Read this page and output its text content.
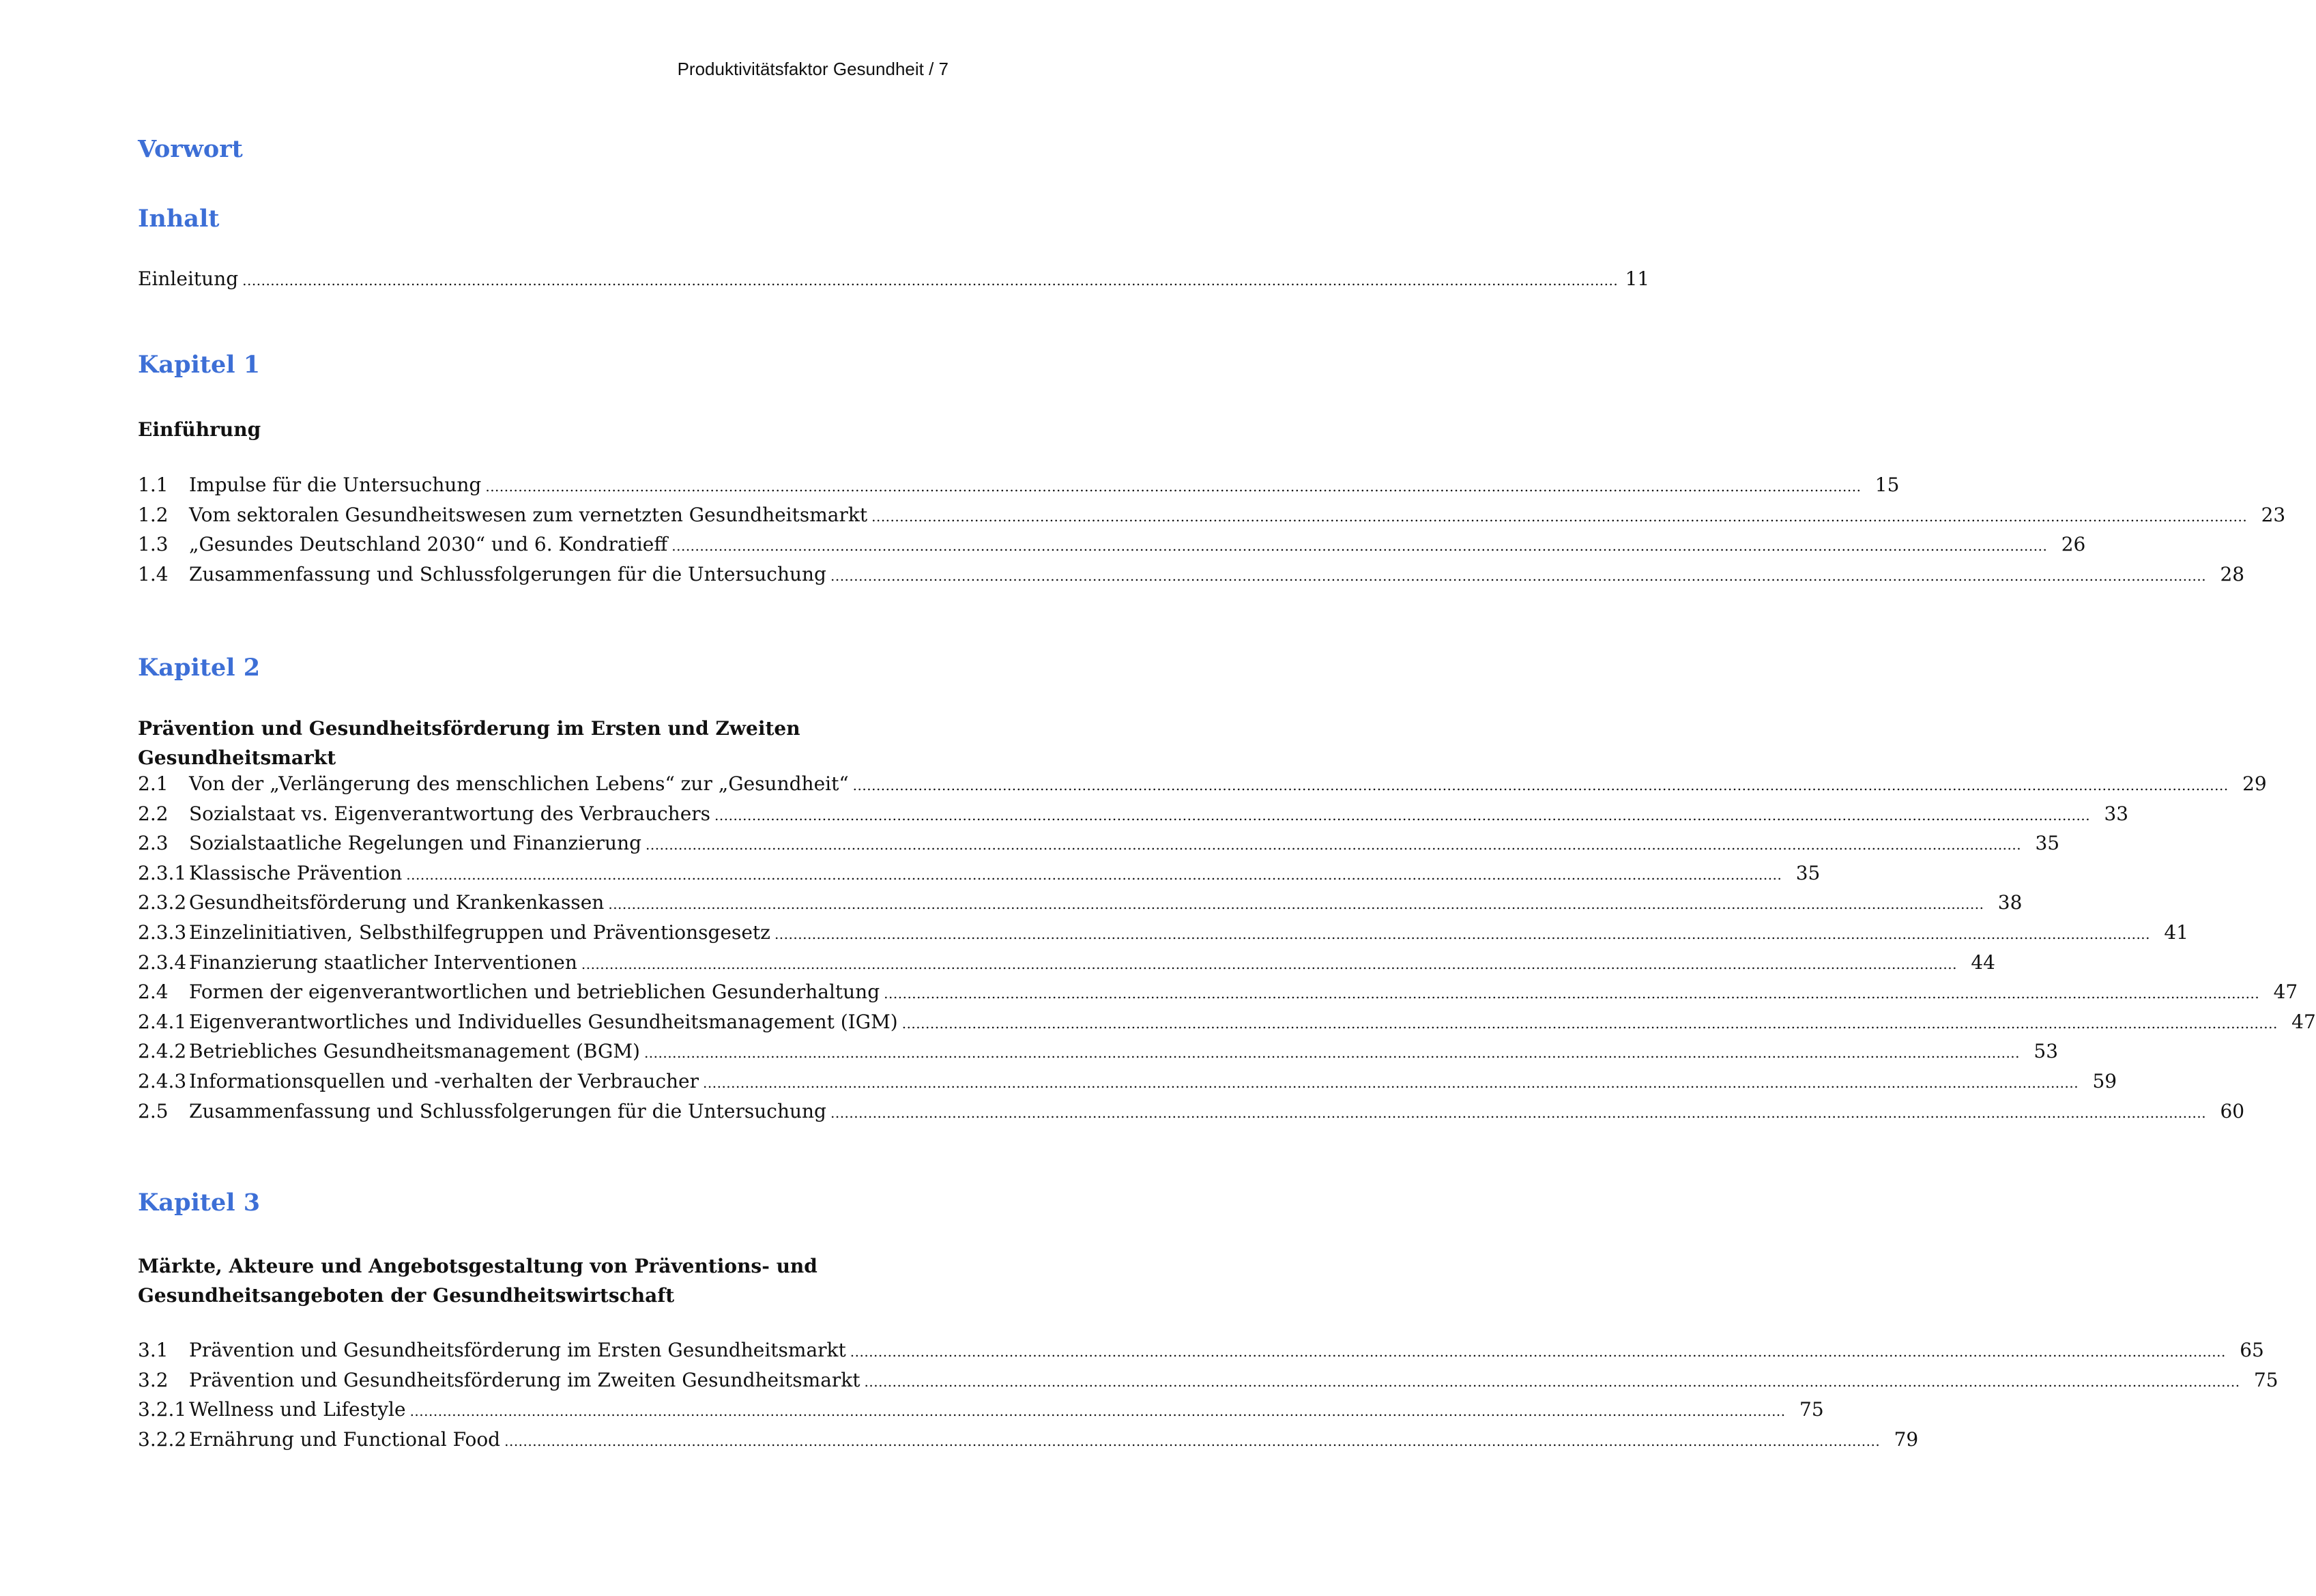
Produktivitätsfaktor Gesundheit / 7
Vorwort
Inhalt
Einleitung .....	11
Kapitel 1
Einführung
1.1	Impulse für die Untersuchung .....	15
1.2	Vom sektoralen Gesundheitswesen zum vernetzten Gesundheitsmarkt .....	23
1.3	„Gesundes Deutschland 2030“ und 6. Kondratieff .....	26
1.4	Zusammenfassung und Schlussfolgerungen für die Untersuchung .....	28
Kapitel 2
Prävention und Gesundheitsförderung im Ersten und Zweiten Gesundheitsmarkt
2.1	Von der „Verlängerung des menschlichen Lebens“ zur „Gesundheit“ .....	29
2.2	Sozialstaat vs. Eigenverantwortung des Verbrauchers .....	33
2.3	Sozialstaatliche Regelungen und Finanzierung .....	35
2.3.1 Klassische Prävention .....	35
2.3.2 Gesundheitsförderung und Krankenkassen .....	38
2.3.3 Einzelinitiativen, Selbsthilfegruppen und Präventionsgesetz .....	41
2.3.4 Finanzierung staatlicher Interventionen .....	44
2.4	Formen der eigenverantwortlichen und betrieblichen Gesunderhaltung .....	47
2.4.1 Eigenverantwortliches und Individuelles Gesundheitsmanagement (IGM) .....	47
2.4.2 Betriebliches Gesundheitsmanagement (BGM) .....	53
2.4.3 Informationsquellen und -verhalten der Verbraucher .....	59
2.5	Zusammenfassung und Schlussfolgerungen für die Untersuchung .....	60
Kapitel 3
Märkte, Akteure und Angebotsgestaltung von Präventions- und
Gesundheitsangeboten der Gesundheitswirtschaft
3.1	Prävention und Gesundheitsförderung im Ersten Gesundheitsmarkt .....	65
3.2	Prävention und Gesundheitsförderung im Zweiten Gesundheitsmarkt .....	75
3.2.1 Wellness und Lifestyle .....	75
3.2.2 Ernährung und Functional Food .....	79
